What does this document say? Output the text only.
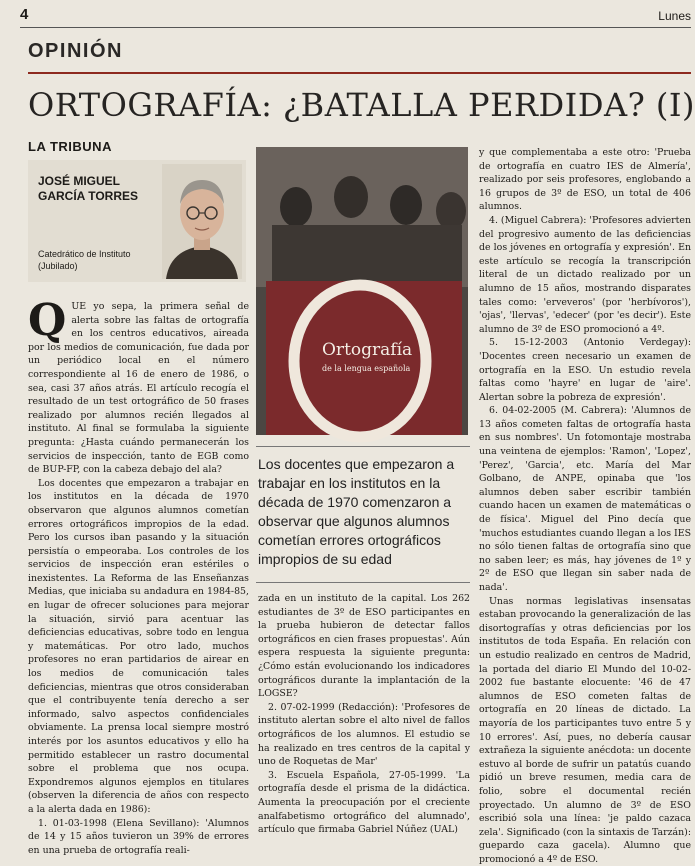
4	Lunes
OPINIÓN
ORTOGRAFÍA: ¿BATALLA PERDIDA? (I)
LA TRIBUNA
JOSÉ MIGUEL GARCÍA TORRES
Catedrático de Instituto (Jubilado)
Q UE yo sepa, la primera señal de alerta sobre las faltas de ortografía en los centros educativos, aireada por los medios de comunicación, fue dada por un periódico local en el número correspondiente al 16 de enero de 1986, o sea, casi 37 años atrás. El artículo recogía el resultado de un test ortográfico de 50 frases realizado por alumnos recién llegados al instituto. Al final se formulaba la siguiente pregunta: ¿Hasta cuándo permanecerán los servicios de inspección, tanto de EGB como de BUP-FP, con la cabeza debajo del ala?

Los docentes que empezaron a trabajar en los institutos en la década de 1970 observaron que algunos alumnos cometían errores ortográficos impropios de la edad. Pero los cursos iban pasando y la situación persistía o empeoraba. Los controles de los servicios de inspección eran estériles o inexistentes. La Reforma de las Enseñanzas Medias, que iniciaba su andadura en 1984-85, en lugar de ofrecer soluciones para mejorar la situación, sirvió para acentuar las deficiencias educativas, sobre todo en lengua y matemáticas. Por otro lado, muchos profesores no eran partidarios de airear en los medios de comunicación tales deficiencias, mientras que otros consideraban que el contribuyente tenía derecho a ser informado, salvo aspectos confidenciales obviamente. La prensa local siempre mostró interés por los asuntos educativos y ello ha permitido establecer un rastro documental sobre el problema que nos ocupa. Expondremos algunos ejemplos en titulares (observen la diferencia de años con respecto a la alerta dada en 1986):

1. 01-03-1998 (Elena Sevillano): 'Alumnos de 14 y 15 años tuvieron un 39% de errores en una prueba de ortografía reali-

Ortografía
de la lengua española
Los docentes que empezaron a trabajar en los institutos en la década de 1970 comenzaron a observar que algunos alumnos cometían errores ortográficos impropios de su edad

zada en un instituto de la capital. Los 262 estudiantes de 3º de ESO participantes en la prueba hubieron de detectar fallos ortográficos en cien frases propuestas'. Aún espera respuesta la siguiente pregunta: ¿Cómo están evolucionando los indicadores ortográficos durante la implantación de la LOGSE?

2. 07-02-1999 (Redacción): 'Profesores de instituto alertan sobre el alto nivel de fallos ortográficos de los alumnos. El estudio se ha realizado en tres centros de la capital y uno de Roquetas de Mar'

3. Escuela Española, 27-05-1999. 'La ortografía desde el prisma de la didáctica. Aumenta la preocupación por el creciente analfabetismo ortográfico del alumnado', artículo que firmaba Gabriel Núñez (UAL)

y que complementaba a este otro: 'Prueba de ortografía en cuatro IES de Almería', realizado por seis profesores, englobando a 16 grupos de 3º de ESO, un total de 406 alumnos.

4. (Miguel Cabrera): 'Profesores advierten del progresivo aumento de las deficiencias de los jóvenes en ortografía y expresión'. En este artículo se recogía la transcripción literal de un dictado realizado por un alumno de 15 años, mostrando disparates tales como: 'erveveros' (por 'herbívoros'), 'ojas', 'llervas', 'edecer' (por 'es decir'). Este alumno de 3º de ESO promocionó a 4º.

5. 15-12-2003 (Antonio Verdegay): 'Docentes creen necesario un examen de ortografía en la ESO. Un estudio revela faltas como 'hayre' en lugar de 'aire'. Alertan sobre la pobreza de expresión'.

6. 04-02-2005 (M. Cabrera): 'Alumnos de 13 años cometen faltas de ortografía hasta en sus nombres'. Un fotomontaje mostraba una veintena de ejemplos: 'Ramon', 'Lopez', 'Perez', 'Garcia', etc. María del Mar Golbano, de ANPE, opinaba que 'los alumnos deben saber escribir también cuando hacen un examen de matemáticas o de física'. Miguel del Pino decía que 'muchos estudiantes cuando llegan a los IES no sólo tienen faltas de ortografía sino que no saben leer; es más, hay jóvenes de 1º y 2º de ESO que llegan sin saber nada de nada'.

Unas normas legislativas insensatas estaban provocando la generalización de las disortografías y otras deficiencias por los institutos de toda España. En relación con un estudio realizado en centros de Madrid, la portada del diario El Mundo del 10-02-2002 fue bastante elocuente: '46 de 47 alumnos de ESO cometen faltas de ortografía en 20 líneas de dictado. La mayoría de los participantes tuvo entre 5 y 10 errores'. Así, pues, no debería causar extrañeza la siguiente anécdota: un docente estuvo al borde de sufrir un patatús cuando pidió un breve resumen, media cara de folio, sobre el documental recién proyectado. Un alumno de 3º de ESO escribió sola una línea: 'je paldo cazaca zela'. Significado (con la sintaxis de Tarzán): guepardo caza gacela). Alumno que promocionó a 4º de ESO.
